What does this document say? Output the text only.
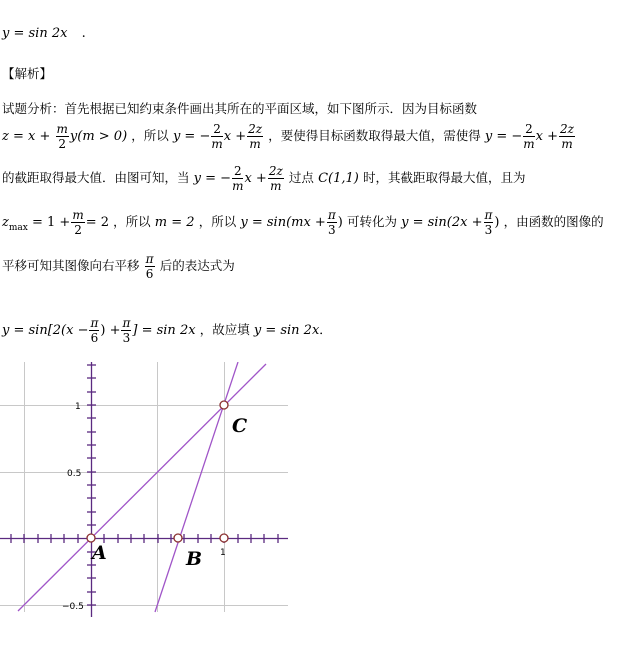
y = sin 2x .
【解析】
试题分析：首先根据已知约束条件画出其所在的平面区域，如下图所示．因为目标函数
$z = x + \frac{m}{2} y(m > 0)$ ，所以 y = − $\frac{2}{m}$ $x + \frac{2z}{m}$ ，要使得目标函数取得最大值，需使得 y = − $\frac{2}{m}$ $x + \frac{2z}{m}$
的截距取得最大值．由图可知，当 y = − $\frac{2}{m}$ $x + \frac{2z}{m}$ 过点 C(1,1) 时，其截距取得最大值，且为
$z_{max} = 1 + \frac{m}{2} = 2$ ，所以 m = 2 ，所以 $y = \sin(mx + \frac{\pi}{3}$ ) 可转化为 $y = \sin(2x + \frac{\pi}{3}$ ) ，由函数的图像的
平移可知其图像向右平移 $\frac{\pi}{6}$ 后的表达式为
$y = \sin[2(x - \frac{\pi}{6}$ ) + $\frac{\pi}{3}$ ] = sin 2x ，故应填 y = sin 2x．
1
0.5
−0.5
1
A	B
C
